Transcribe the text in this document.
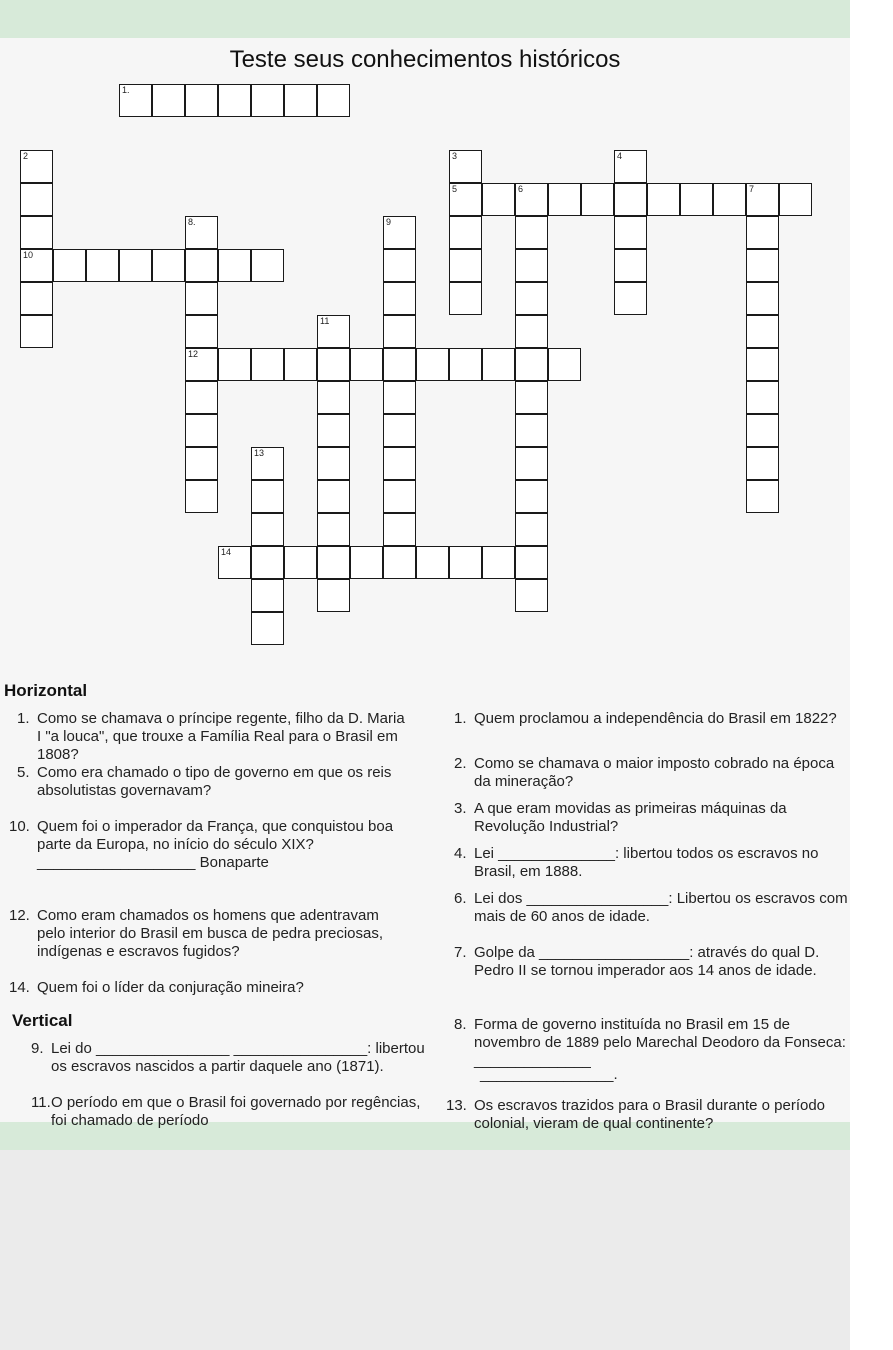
Teste seus conhecimentos históricos
1.
2
10
3
5
4
6	7
8.
12
9
11
13
14
Horizontal
1. Como se chamava o príncipe regente, filho da D. Maria I "a louca", que trouxe a Família Real para o Brasil em 1808?
5. Como era chamado o tipo de governo em que os reis absolutistas governavam?
10. Quem foi o imperador da França, que conquistou boa parte da Europa, no início do século XIX? ___________________ Bonaparte
12. Como eram chamados os homens que adentravam pelo interior do Brasil em busca de pedra preciosas, indígenas e escravos fugidos?
14. Quem foi o líder da conjuração mineira?
Vertical
9. Lei do ________________ ________________: libertou os escravos nascidos a partir daquele ano (1871).
11. O período em que o Brasil foi governado por regências, foi chamado de período
1. Quem proclamou a independência do Brasil em 1822?
2. Como se chamava o maior imposto cobrado na época da mineração?
3. A que eram movidas as primeiras máquinas da Revolução Industrial?
4. Lei ______________: libertou todos os escravos no Brasil, em 1888.
6. Lei dos _________________: Libertou os escravos com mais de 60 anos de idade.
7. Golpe da __________________: através do qual D. Pedro II se tornou imperador aos 14 anos de idade.
8. Forma de governo instituída no Brasil em 15 de novembro de 1889 pelo Marechal Deodoro da Fonseca: ______________
________________.
13. Os escravos trazidos para o Brasil durante o período colonial, vieram de qual continente?
